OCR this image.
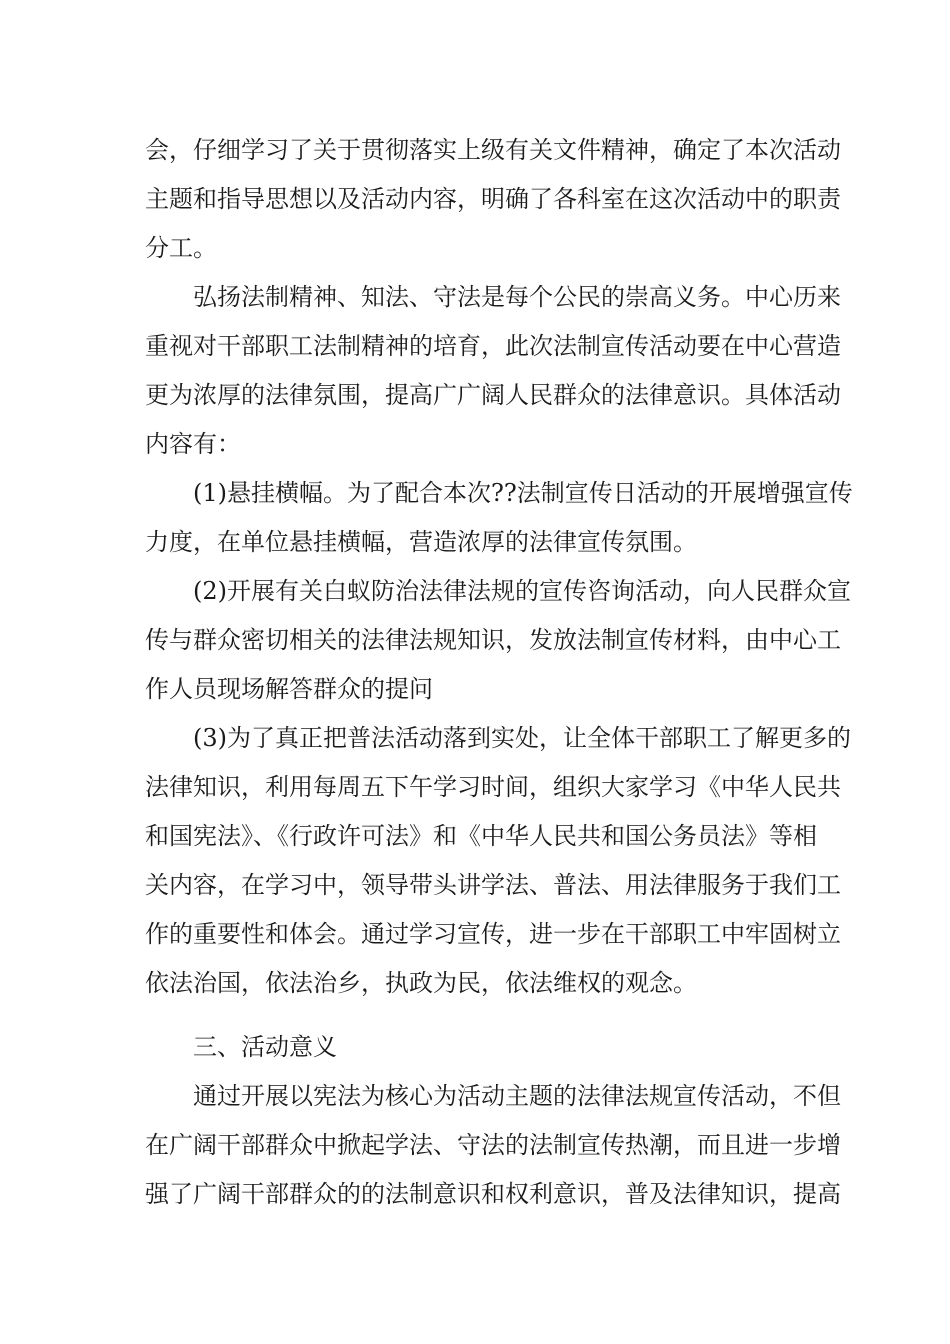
会，仔细学习了关于贯彻落实上级有关文件精神，确定了本次活动
主题和指导思想以及活动内容，明确了各科室在这次活动中的职责
分工。
弘扬法制精神、知法、守法是每个公民的崇高义务。中心历来
重视对干部职工法制精神的培育，此次法制宣传活动要在中心营造
更为浓厚的法律氛围，提高广广阔人民群众的法律意识。具体活动
内容有：
(1)悬挂横幅。为了配合本次??法制宣传日活动的开展增强宣传
力度，在单位悬挂横幅，营造浓厚的法律宣传氛围。
(2)开展有关白蚁防治法律法规的宣传咨询活动，向人民群众宣
传与群众密切相关的法律法规知识，发放法制宣传材料，由中心工
作人员现场解答群众的提问
(3)为了真正把普法活动落到实处，让全体干部职工了解更多的
法律知识，利用每周五下午学习时间，组织大家学习《中华人民共
和国宪法》、《行政许可法》和《中华人民共和国公务员法》等相
关内容，在学习中，领导带头讲学法、普法、用法律服务于我们工
作的重要性和体会。通过学习宣传，进一步在干部职工中牢固树立
依法治国，依法治乡，执政为民，依法维权的观念。
三、活动意义
通过开展以宪法为核心为活动主题的法律法规宣传活动，不但
在广阔干部群众中掀起学法、守法的法制宣传热潮，而且进一步增
强了广阔干部群众的的法制意识和权利意识，普及法律知识，提高
